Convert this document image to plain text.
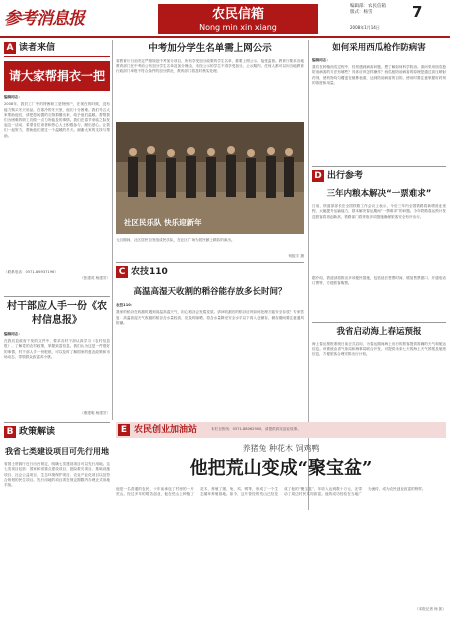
参考消息报	农民信箱
Nong min xin xiang
编辑部：农民信箱
版式：杨雪	7
2008年1月14日
A 读者来信
请大家帮捐衣一把
编辑同志：
2008年，我们工厂中的特困职工是特困户，在现在的时候，没有能力购买冬天用品。在寒冷的冬天里，他们十分困难。我们号召大家帮助他们，请把您闲置的衣物捐赠出来，给予他们温暖。帮帮我们为困难的职工们做一点力所能及的事情。我们在春节来临之际发起这一活动，希望各位读者和热心人士积极参与，献出爱心。让我们一起努力，帮助他们度过一个温暖的冬天。谢谢大家的支持与帮助。
（联系电话：0571-86937196）
（张建英 杨建芳）
村干部应人手一份《农村信息报》
编辑同志：
在我们县政府下发的文件中，要求各村干部认真学习《农村信息报》，了解党的农村政策，掌握致富信息。我们认为这是一件很好的事情，村干部人手一份报纸，可以及时了解国家的惠农政策和市场动态，带领群众致富奔小康。
（康建明 杨建芳）
中考加分学生名单需上网公示
省教育厅日前决定严格规范中考加分项目，所有享受加分政策的学生名单，都要上网公示，接受监督。教育厅要求各地教育部门在中考前公布加分学生名单及加分理由，未经公示的学生不得享受加分。公示期内，任何人都可以向当地教育行政部门举报不符合条件的加分情况，教育部门将及时核实处理。
社区民乐队 快乐迎新年
元旦期间，社区居民自发组成民乐队，在社区广场为居民献上精彩的演出。
何振宇 摄
如何采用西瓜枪作防病害
编辑同志：
我们在种植西瓜过程中，经常遇到病害问题，想了解如何科学防治。请问采用西瓜枪防治病害的方法有哪些？具体应该怎样操作？西瓜枪防治病害的原理是通过高压喷射药剂，使药物均匀覆盖在植株表面，达到防治病害的目的。使用时要注意掌握好药剂的浓度和用量。
D 出行参考
三年内粮本解决“一票难求”
日前，铁道部部长在全国铁路工作会议上表示，今后三年内全国铁路将新增营业里程，大幅提升运输能力，基本解决春运期间“一票难求”的问题。今年铁路春运预计发送旅客将再创新高，铁路部门将采取多项措施确保旅客安全有序出行。
据介绍，铁道部将推出多项便民措施，包括延长售票时间、增加售票窗口、开通电话订票等，方便旅客购票。
C 农技110
高温高湿天收割的稻谷能存放多长时间？
农技110：
我家的稻谷在收割时遇到高温高湿天气，担心稻谷会发霉变质。请问收割后的稻谷应该如何处理才能安全存放？专家答复：高温高湿天气收割的稻谷含水量较高，应及时晾晒，将含水量降至安全水平以下再入仓储存，储存期间要注意通风防潮。
我省启动海上春运预报
海上春运预报系统日前正式启用，为春运期间海上出行的旅客提供准确的天气和航运信息。该系统由省气象局和海事局联合开发，可提供未来七天的海上天气预报及航班信息，方便旅客合理安排出行计划。
B 政策解读
我省七类建设项目可先行用地
省国土资源厅近日出台规定，明确七类建设项目可以先行用地。这七类项目包括：国家和省重点建设项目、抢险救灾项目、基础设施项目、社会公益项目、生态环境保护项目、农业产业化项目以及符合规划的民生项目。先行用地的项目须在规定期限内办理正式用地手续。
E 农民创业加油站	本栏目热线：0571-88062900，请提供真实创业故事。
养猪兔 种花木 饲鸡鸭
他把荒山变成“聚宝盆”
他是一名普通的农民，十年前承包了村里的一片荒山。经过多年的艰苦创业，他在荒山上种植了花木，养殖了猪、兔、鸡、鸭等，形成了一个生态循环养殖基地。如今，这片曾经的荒山已经变成了他的“聚宝盆”，年收入达到数十万元，还带动了周边村民共同致富。他的成功经验在当地广为流传，成为农民创业致富的榜样。
（本报记者 杨 凯）
